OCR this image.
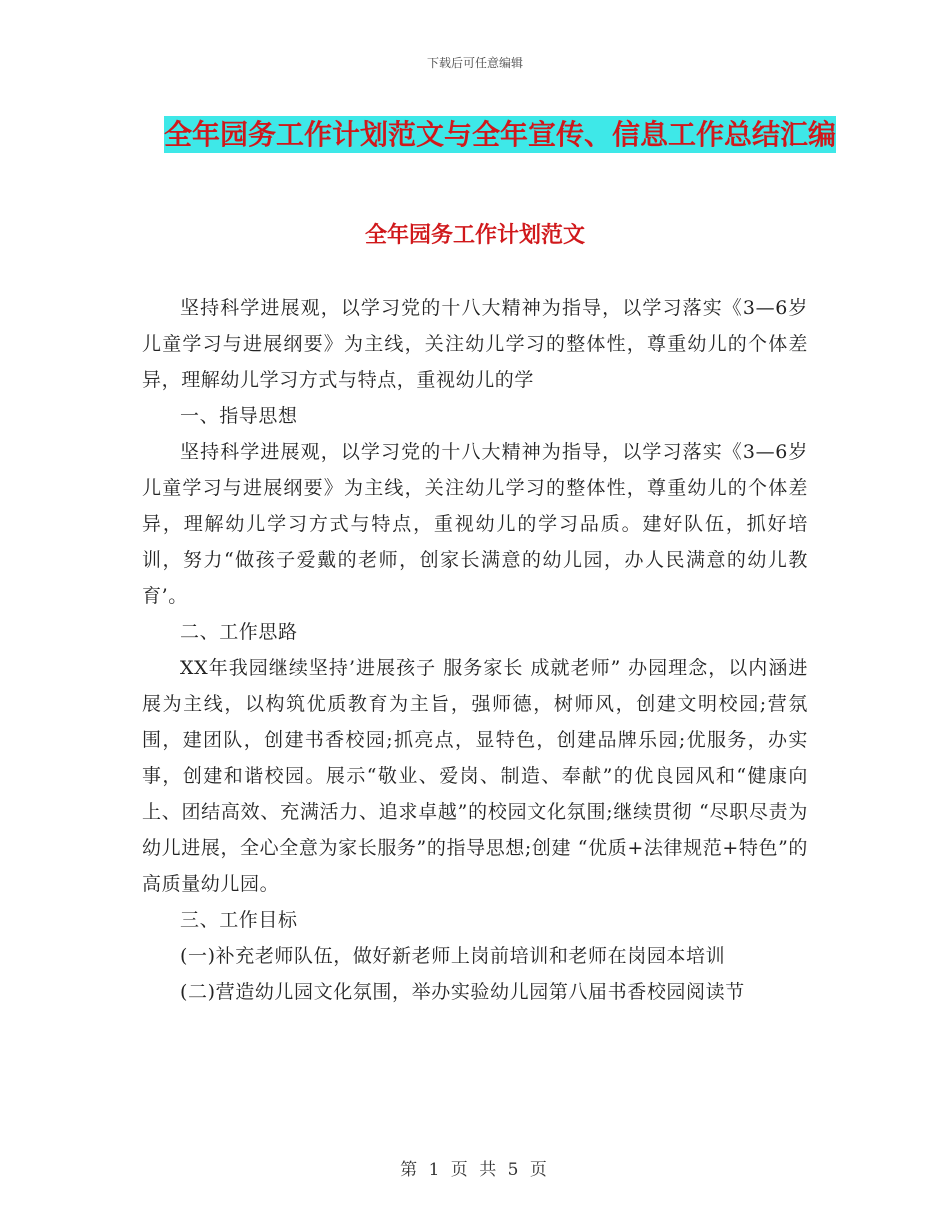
下载后可任意编辑
全年园务工作计划范文与全年宣传、信息工作总结汇编
全年园务工作计划范文

坚持科学进展观，以学习党的十八大精神为指导，以学习落实《3—6岁儿童学习与进展纲要》为主线，关注幼儿学习的整体性，尊重幼儿的个体差异，理解幼儿学习方式与特点，重视幼儿的学

一、指导思想

坚持科学进展观，以学习党的十八大精神为指导，以学习落实《3—6岁儿童学习与进展纲要》为主线，关注幼儿学习的整体性，尊重幼儿的个体差异，理解幼儿学习方式与特点，重视幼儿的学习品质。建好队伍，抓好培训，努力“做孩子爱戴的老师，创家长满意的幼儿园，办人民满意的幼儿教育’。

二、工作思路

XX年我园继续坚持’进展孩子 服务家长 成就老师” 办园理念，以内涵进展为主线，以构筑优质教育为主旨，强师德，树师风，创建文明校园;营氛围，建团队，创建书香校园;抓亮点，显特色，创建品牌乐园;优服务，办实事，创建和谐校园。展示“敬业、爱岗、制造、奉献”的优良园风和“健康向上、团结高效、充满活力、追求卓越”的校园文化氛围;继续贯彻 “尽职尽责为幼儿进展，全心全意为家长服务”的指导思想;创建 “优质+法律规范+特色”的高质量幼儿园。

三、工作目标

(一)补充老师队伍，做好新老师上岗前培训和老师在岗园本培训

(二)营造幼儿园文化氛围，举办实验幼儿园第八届书香校园阅读节

第 1 页 共 5 页
